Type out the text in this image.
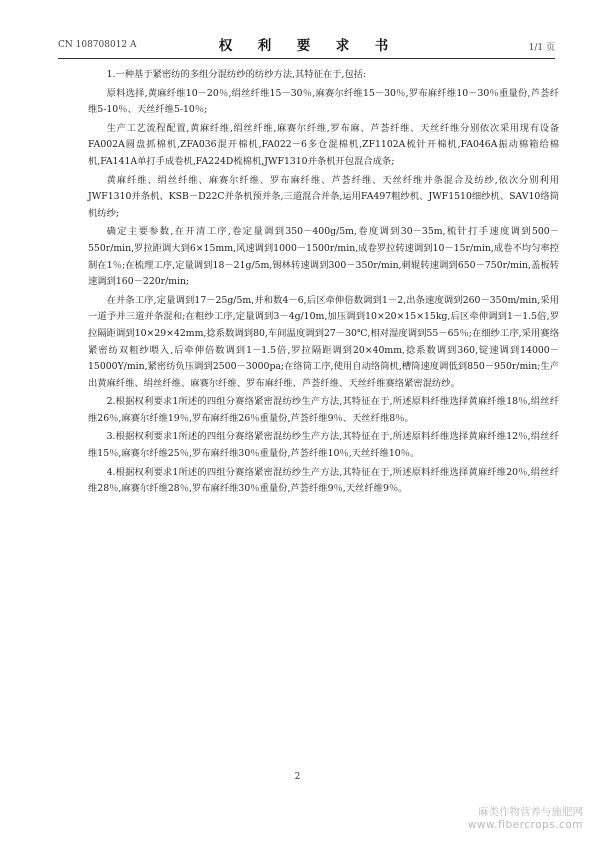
CN 108708012 A	权　利　要　求　书	1/1 页

1.一种基于紧密纺的多组分混纺纱的纺纱方法,其特征在于,包括:

原料选择,黄麻纤维10－20％,绢丝纤维15－30％,麻赛尔纤维15－30％,罗布麻纤维10－30％重量份,芦荟纤维5-10％、天丝纤维5-10％;

生产工艺流程配置,黄麻纤维,绢丝纤维,麻赛尔纤维,罗布麻、芦荟纤维、天丝纤维分别依次采用现有设备FA002A圆盘抓棉机,ZFA036混开棉机,FA022－6多仓混棉机,ZF1102A梳针开棉机,FA046A振动棉箱给棉机,FA141A单打手成卷机,FA224D梳棉机,JWF1310并条机开包混合成条;

黄麻纤维、绢丝纤维、麻赛尔纤维、罗布麻纤维、芦荟纤维、天丝纤维并条混合及纺纱,依次分别利用JWF1310并条机、KSB－D22C并条机预并条,三道混合并条,运用FA497粗纱机、JWF1510细纱机、SAV10络筒机纺纱;

确定主要参数,在开清工序,卷定量调到350－400g/5m,卷度调到30－35m,梳针打手速度调到500－550r/min,罗拉距调大到6×15mm,风速调到1000－1500r/min,成卷罗拉转速调到10－15r/min,成卷不均匀率控制在1％;在梳理工序,定量调到18－21g/5m,锡林转速调到300－350r/min,刺辊转速调到650－750r/min,盖板转速调到160－220r/min;

在并条工序,定量调到17－25g/5m,并和数4－6,后区牵伸倍数调到1－2,出条速度调到260－350m/min,采用一道予并三道并条混和;在粗纱工序,定量调到3－4g/10m,加压调到10×20×15×15kg,后区牵伸调到1－1.5倍,罗拉隔距调到10×29×42mm,捻系数调到80,车间温度调到27－30℃,相对湿度调到55－65％;在细纱工序,采用赛络紧密纺双粗纱喂入,后牵伸倍数调到1－1.5倍,罗拉隔距调到20×40mm,捻系数调到360,锭速调到14000－15000Y/min,紧密纺负压调到2500－3000pa;在络筒工序,使用自动络筒机,槽筒速度调低到850－950r/min;生产出黄麻纤维、绢丝纤维、麻赛尔纤维、罗布麻纤维、芦荟纤维、天丝纤维赛络紧密混纺纱。

2.根据权利要求1所述的四组分赛络紧密混纺纱生产方法,其特征在于,所述原料纤维选择黄麻纤维18％,绢丝纤维26％,麻赛尔纤维19％,罗布麻纤维26％重量份,芦荟纤维9％、天丝纤维8％。

3.根据权利要求1所述的四组分赛络紧密混纺纱生产方法,其特征在于,所述原料纤维选择黄麻纤维12％,绢丝纤维15％,麻赛尔纤维25％,罗布麻纤维30％重量份,芦荟纤维10％,天丝纤维10％。

4.根据权利要求1所述的四组分赛络紧密混纺纱生产方法,其特征在于,所述原料纤维选择黄麻纤维20％,绢丝纤维28％,麻赛尔纤维28％,罗布麻纤维30％重量份,芦荟纤维9％,天丝纤维9％。

2
麻类作物营养与施肥网
www.fibercrops.com
